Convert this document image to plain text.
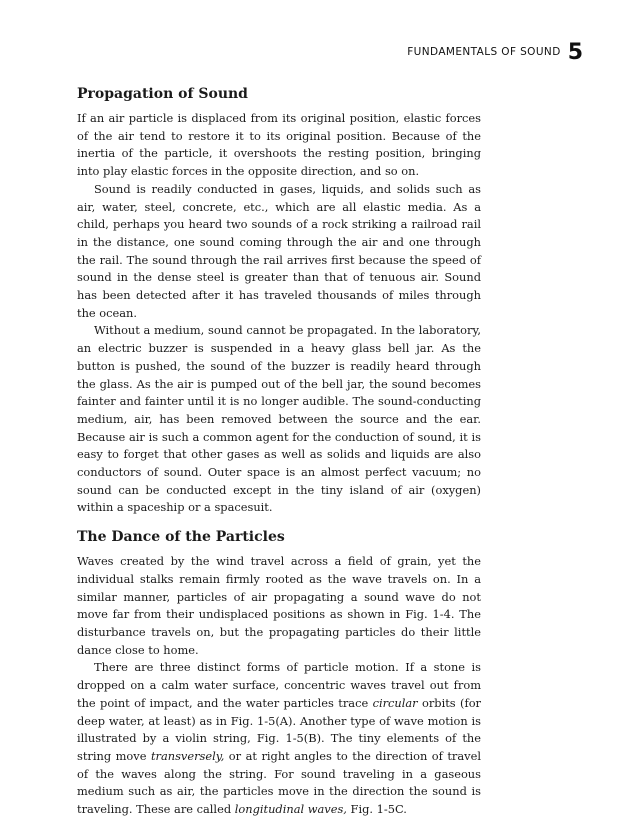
FUNDAMENTALS OF SOUND 5
Propagation of Sound

If an air particle is displaced from its original position, elastic forces of the air tend to restore it to its original position. Because of the inertia of the particle, it overshoots the resting position, bringing into play elastic forces in the opposite direction, and so on.

Sound is readily conducted in gases, liquids, and solids such as air, water, steel, concrete, etc., which are all elastic media. As a child, perhaps you heard two sounds of a rock striking a railroad rail in the distance, one sound coming through the air and one through the rail. The sound through the rail arrives first because the speed of sound in the dense steel is greater than that of tenuous air. Sound has been detected after it has traveled thousands of miles through the ocean.

Without a medium, sound cannot be propagated. In the laboratory, an electric buzzer is suspended in a heavy glass bell jar. As the button is pushed, the sound of the buzzer is readily heard through the glass. As the air is pumped out of the bell jar, the sound becomes fainter and fainter until it is no longer audible. The sound-conducting medium, air, has been removed between the source and the ear. Because air is such a common agent for the conduction of sound, it is easy to forget that other gases as well as solids and liquids are also conductors of sound. Outer space is an almost perfect vacuum; no sound can be conducted except in the tiny island of air (oxygen) within a spaceship or a spacesuit.

The Dance of the Particles

Waves created by the wind travel across a field of grain, yet the individual stalks remain firmly rooted as the wave travels on. In a similar manner, particles of air propagating a sound wave do not move far from their undisplaced positions as shown in Fig. 1-4. The disturbance travels on, but the propagating particles do their little dance close to home.

There are three distinct forms of particle motion. If a stone is dropped on a calm water surface, concentric waves travel out from the point of impact, and the water particles trace circular orbits (for deep water, at least) as in Fig. 1-5(A). Another type of wave motion is illustrated by a violin string, Fig. 1-5(B). The tiny elements of the string move transversely, or at right angles to the direction of travel of the waves along the string. For sound traveling in a gaseous medium such as air, the particles move in the direction the sound is traveling. These are called longitudinal waves, Fig. 1-5C.
